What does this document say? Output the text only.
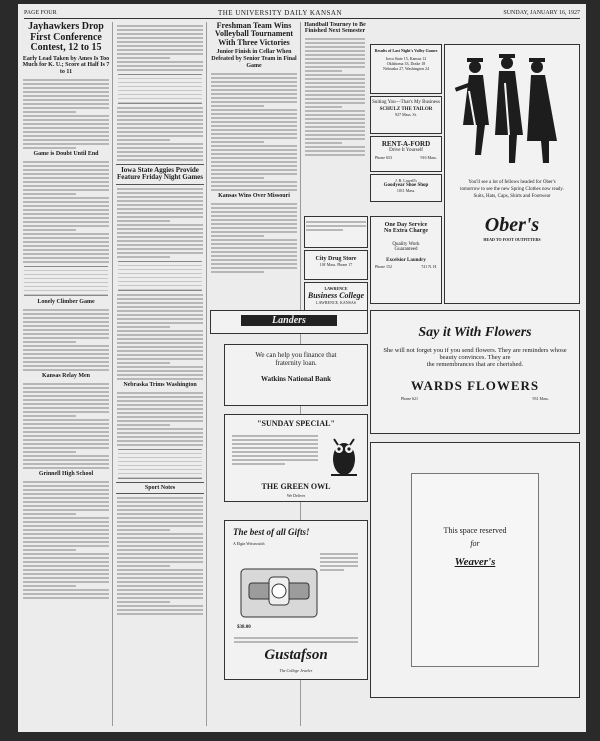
PAGE FOUR	THE UNIVERSITY DAILY KANSAN	SUNDAY, JANUARY 16, 1927
Jayhawkers Drop First Conference Contest, 12 to 15
Early Lead Taken by Ames Is Too Much for K. U.; Score at Half Is 7 to 11
Game is Doubt Until End
Lonely Climber Game
Kansas Relay Men
Grinnell High School
Iowa State Aggies Provide Feature Friday Night Games
Nebraska Trims Washington
Sport Notes
Freshman Team Wins Volleyball Tournament With Three Victories
Junior Finish in Cellar When Defeated by Senior Team in Final Game
Kansas Wins Over Missouri
Handball Tourney to Be Finished Next Semester
Results of Last Night's Valley Games
Iowa State 15, Kansas 12
Oklahoma 33, Drake 18
Nebraska 27, Washington 24
Suiting You—That's My Business
SCHULZ THE TAILOR
927 Mass. St.
RENT-A-FORD
Drive It Yourself
Phone 653	916 Mass.
J. B. Lowell's
Goodyear Shoe Shop
1011 Mass.
You'll see a lot of fellows headed for Ober's tomorrow to see the new Spring Clothes now ready. Suits, Hats, Caps, Shirts and Footwear
Ober's
HEAD TO FOOT OUTFITTERS
City Drug Store
10¢ Mass. Phone 17
LAWRENCE
Business College
LAWRENCE, KANSAS
One Day Service
No Extra Charge
Quality Work
Guaranteed
Excelsior Laundry
Phone 152	741 N. H.
Landers
We can help you finance that
fraternity loan.
Watkins National Bank
Say it With Flowers
She will not forget you if you send flowers. They are reminders whose beauty convinces. They are
the remembrances that are cherished.
WARDS FLOWERS
Phone 621	931 Mass.
"SUNDAY SPECIAL"
THE GREEN OWL
We Deliver
The best of all Gifts!
A Elgin Wristwatch
$38.00
Gustafson
The College Jeweler
This space reserved
for
Weaver's
